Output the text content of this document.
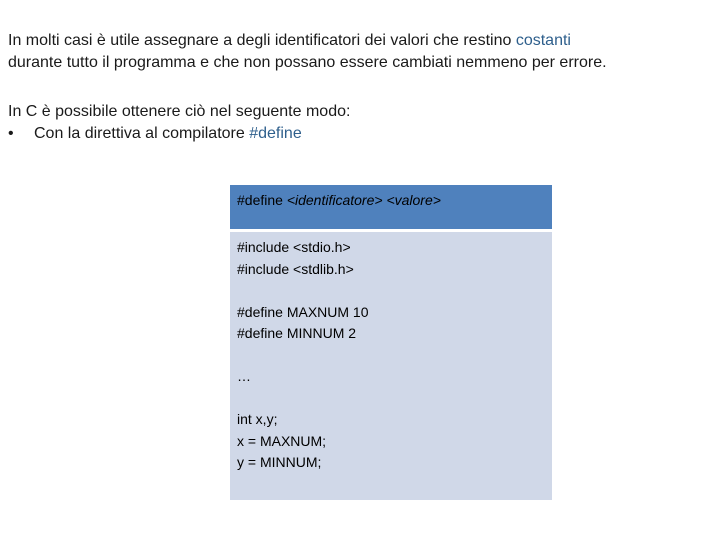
In molti casi è utile assegnare a degli identificatori dei valori che restino costanti
durante tutto il programma e che non possano essere cambiati nemmeno per errore.
In C è possibile ottenere ciò nel seguente modo:
• Con la direttiva al compilatore #define
#define <identificatore> <valore>
#include <stdio.h>
#include <stdlib.h>
#define MAXNUM 10
#define MINNUM 2
…
int x,y;
x = MAXNUM;
y = MINNUM;
